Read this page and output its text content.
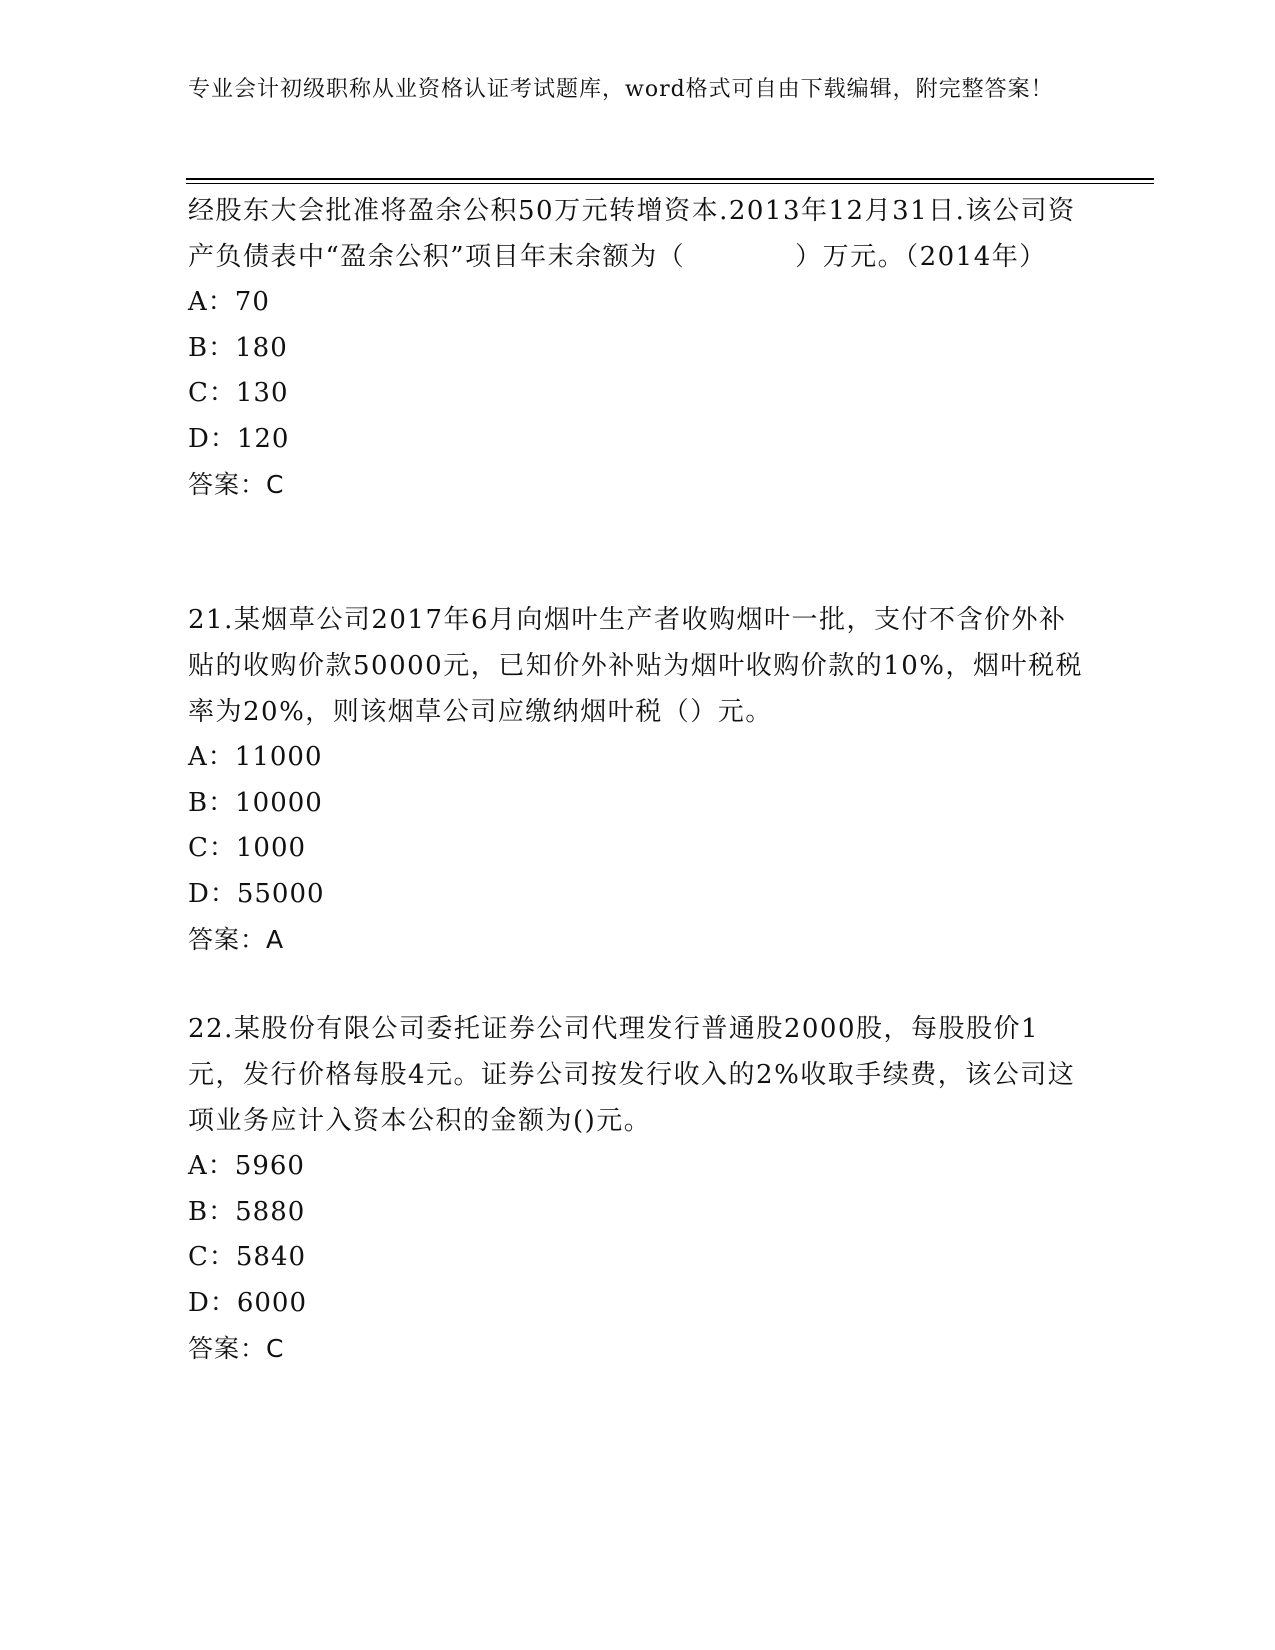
专业会计初级职称从业资格认证考试题库，word格式可自由下载编辑，附完整答案！
经股东大会批准将盈余公积50万元转增资本.2013年12月31日.该公司资产负债表中“盈余公积”项目年末余额为（　　　　）万元。（2014年）
A：70
B：180
C：130
D：120
答案：C
21.某烟草公司2017年6月向烟叶生产者收购烟叶一批，支付不含价外补贴的收购价款50000元，已知价外补贴为烟叶收购价款的10%，烟叶税税率为20%，则该烟草公司应缴纳烟叶税（）元。
A：11000
B：10000
C：1000
D：55000
答案：A
22.某股份有限公司委托证券公司代理发行普通股2000股，每股股价1元，发行价格每股4元。证券公司按发行收入的2%收取手续费，该公司这项业务应计入资本公积的金额为()元。
A：5960
B：5880
C：5840
D：6000
答案：C
